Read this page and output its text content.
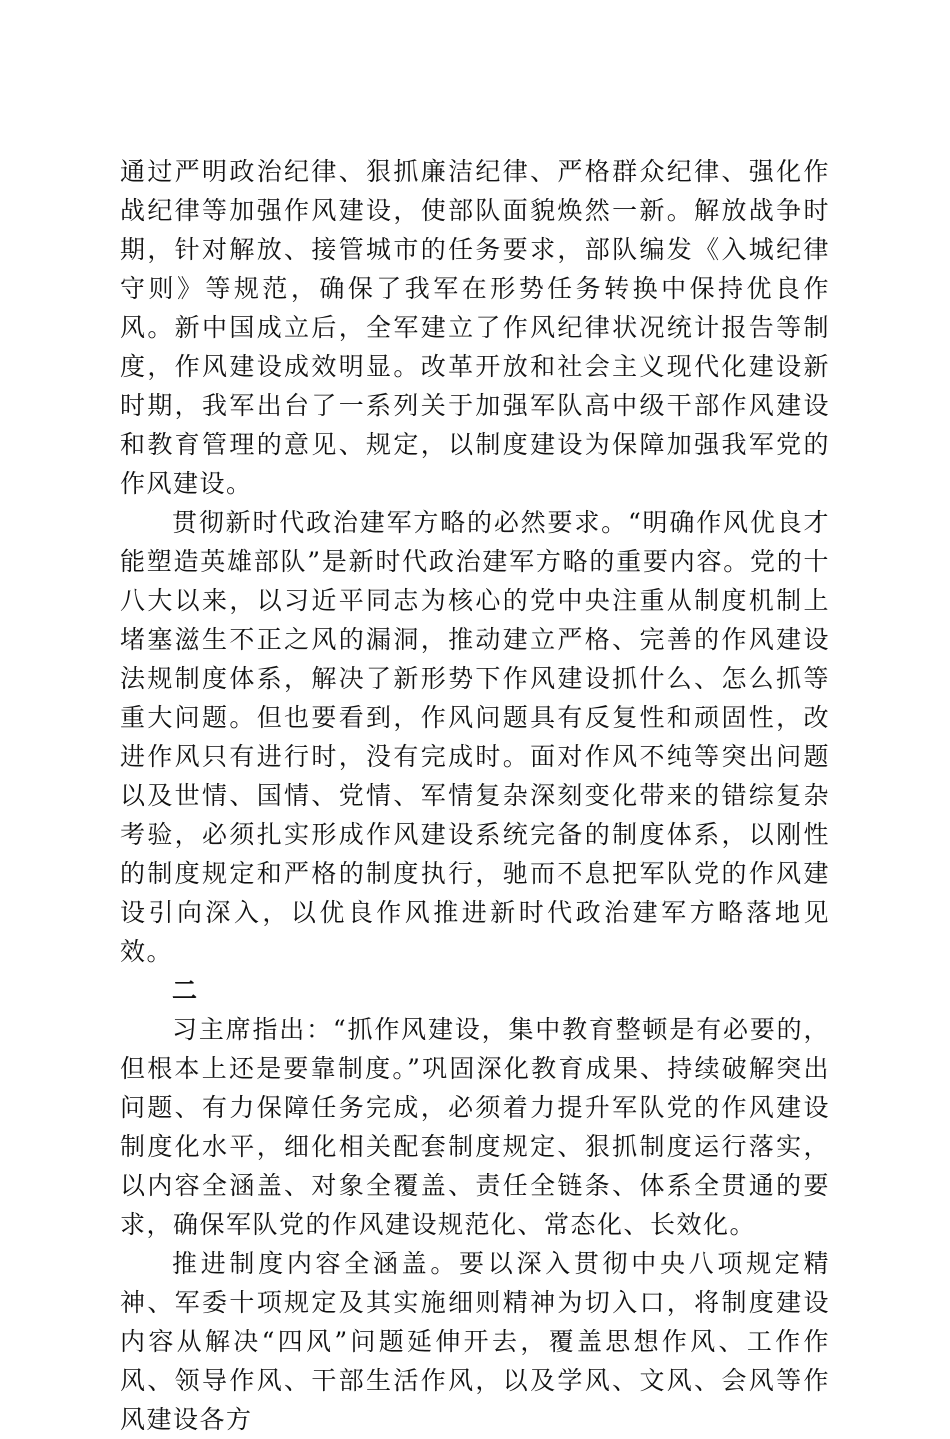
通过严明政治纪律、狠抓廉洁纪律、严格群众纪律、强化作战纪律等加强作风建设，使部队面貌焕然一新。解放战争时期，针对解放、接管城市的任务要求，部队编发《入城纪律守则》等规范，确保了我军在形势任务转换中保持优良作风。新中国成立后，全军建立了作风纪律状况统计报告等制度，作风建设成效明显。改革开放和社会主义现代化建设新时期，我军出台了一系列关于加强军队高中级干部作风建设和教育管理的意见、规定，以制度建设为保障加强我军党的作风建设。

贯彻新时代政治建军方略的必然要求。“明确作风优良才能塑造英雄部队”是新时代政治建军方略的重要内容。党的十八大以来，以习近平同志为核心的党中央注重从制度机制上堵塞滋生不正之风的漏洞，推动建立严格、完善的作风建设法规制度体系，解决了新形势下作风建设抓什么、怎么抓等重大问题。但也要看到，作风问题具有反复性和顽固性，改进作风只有进行时，没有完成时。面对作风不纯等突出问题以及世情、国情、党情、军情复杂深刻变化带来的错综复杂考验，必须扎实形成作风建设系统完备的制度体系，以刚性的制度规定和严格的制度执行，驰而不息把军队党的作风建设引向深入，以优良作风推进新时代政治建军方略落地见效。

二

习主席指出：“抓作风建设，集中教育整顿是有必要的，但根本上还是要靠制度。”巩固深化教育成果、持续破解突出问题、有力保障任务完成，必须着力提升军队党的作风建设制度化水平，细化相关配套制度规定、狠抓制度运行落实，以内容全涵盖、对象全覆盖、责任全链条、体系全贯通的要求，确保军队党的作风建设规范化、常态化、长效化。

推进制度内容全涵盖。要以深入贯彻中央八项规定精神、军委十项规定及其实施细则精神为切入口，将制度建设内容从解决“四风”问题延伸开去，覆盖思想作风、工作作风、领导作风、干部生活作风，以及学风、文风、会风等作风建设各方
